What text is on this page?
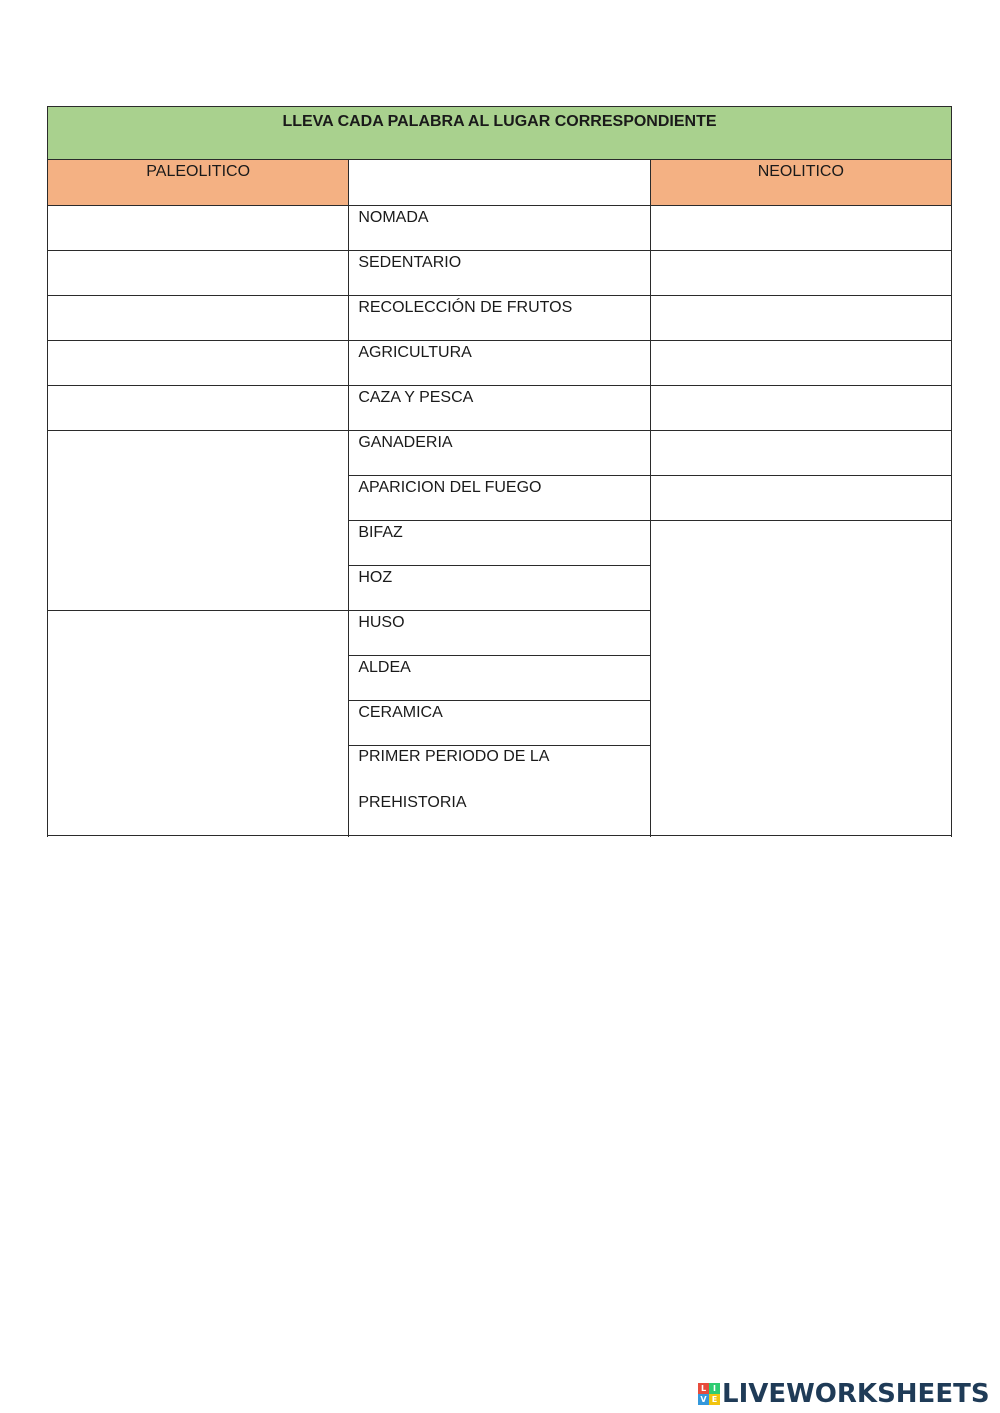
LLEVA CADA PALABRA AL LUGAR CORRESPONDIENTE		
PALEOLITICO		NEOLITICO

	NOMADA	

	SEDENTARIO	

	RECOLECCIÓN DE FRUTOS	

	AGRICULTURA	

	CAZA Y PESCA	

	GANADERIA	

	APARICION DEL FUEGO	

	BIFAZ	

	HOZ	

	HUSO	

	ALDEA	

	CERAMICA	

	PRIMER PERIODO DE LA
PREHISTORIA	

L I
V E LIVEWORKSHEETS
